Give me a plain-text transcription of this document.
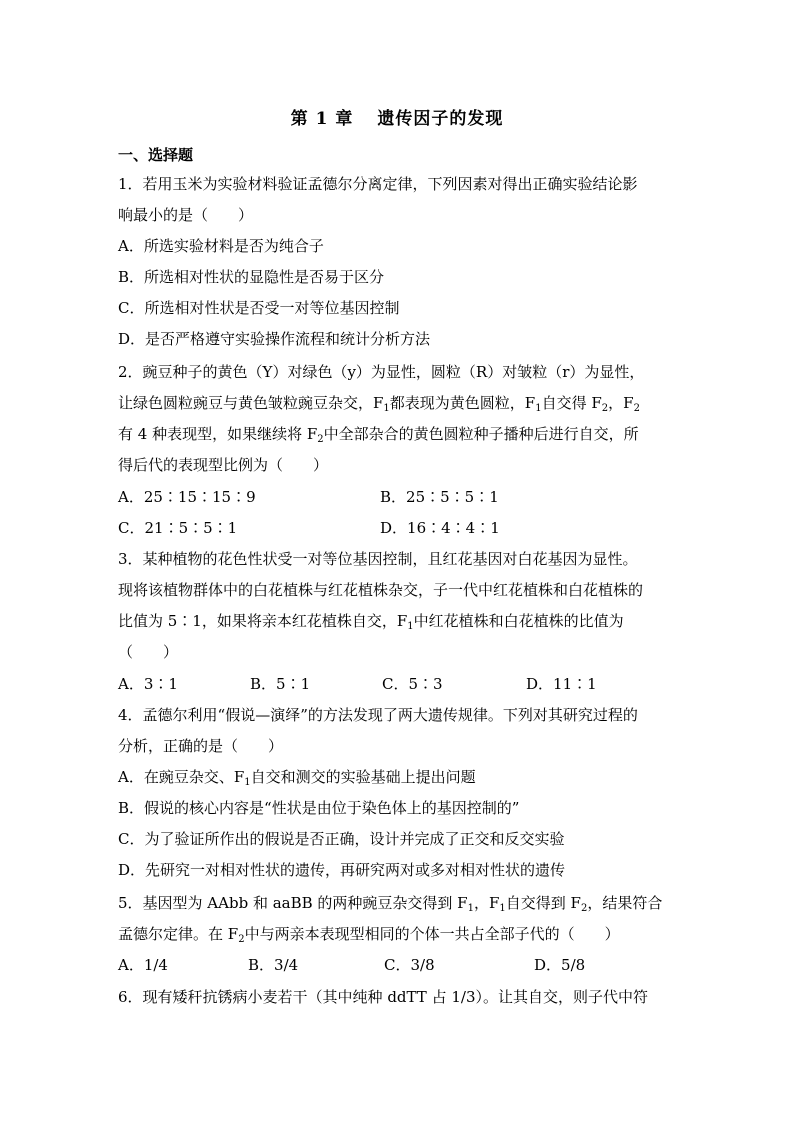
第 1 章 遗传因子的发现
一、选择题
1．若用玉米为实验材料验证孟德尔分离定律，下列因素对得出正确实验结论影
响最小的是（　　）
A．所选实验材料是否为纯合子
B．所选相对性状的显隐性是否易于区分
C．所选相对性状是否受一对等位基因控制
D．是否严格遵守实验操作流程和统计分析方法
2．豌豆种子的黄色（Y）对绿色（y）为显性，圆粒（R）对皱粒（r）为显性，
让绿色圆粒豌豆与黄色皱粒豌豆杂交，$F_1$都表现为黄色圆粒，$F_1$自交得 $F_2$，$F_2$
有 4 种表现型，如果继续将 $F_2$中全部杂合的黄色圆粒种子播种后进行自交，所
得后代的表现型比例为（　　）
A．25∶15∶15∶9	B．25∶5∶5∶1
C．21∶5∶5∶1	D．16∶4∶4∶1
3．某种植物的花色性状受一对等位基因控制，且红花基因对白花基因为显性。
现将该植物群体中的白花植株与红花植株杂交，子一代中红花植株和白花植株的
比值为 5∶1，如果将亲本红花植株自交，$F_1$中红花植株和白花植株的比值为
（　　）
A．3∶1	B．5∶1	C．5∶3	D．11∶1
4．孟德尔利用“假说—演绎”的方法发现了两大遗传规律。下列对其研究过程的
分析，正确的是（　　）
A．在豌豆杂交、$F_1$自交和测交的实验基础上提出问题
B．假说的核心内容是“性状是由位于染色体上的基因控制的”
C．为了验证所作出的假说是否正确，设计并完成了正交和反交实验
D．先研究一对相对性状的遗传，再研究两对或多对相对性状的遗传
5．基因型为 AAbb 和 aaBB 的两种豌豆杂交得到 $F_1$，$F_1$自交得到 $F_2$，结果符合
孟德尔定律。在 $F_2$中与两亲本表现型相同的个体一共占全部子代的（　　）
A．1/4	B．3/4	C．3/8	D．5/8
6．现有矮秆抗锈病小麦若干（其中纯种 ddTT 占 1/3）。让其自交，则子代中符
